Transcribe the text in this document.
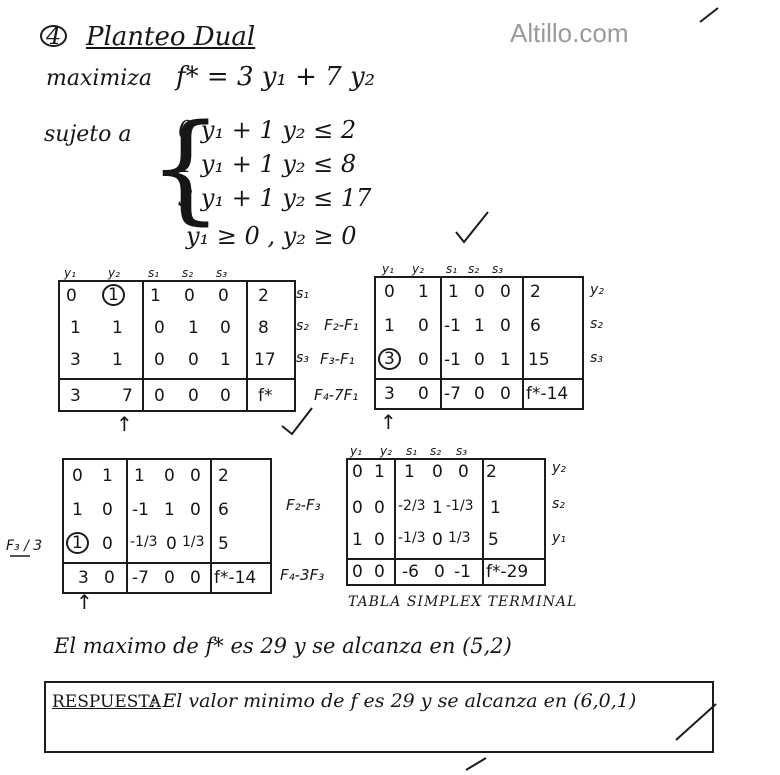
Altillo.com
4 Planteo Dual
maximiza f* = 3 y₁ + 7 y₂
sujeto a {
0 y₁ + 1 y₂ ≤ 2
1 y₁ + 1 y₂ ≤ 8
3 y₁ + 1 y₂ ≤ 17
y₁ ≥ 0 , y₂ ≥ 0
y₁	y₂ s₁ s₂ s₃
0	1	1 0 0 2
1 1 0 1 0 8
3 1 0 0 1 17
3 7 0 0 0 f*
s₁
s₂
s₃
↑
y₁ y₂ s₁ s₂ s₃
F₂-F₁
F₃-F₁
F₄-7F₁
0 1 1 0 0 2
1 0 -1 1 0 6
3	0 -1 0 1 15
3 0 -7 0 0 f*-14
y₂
s₂
s₃
↑
F₃ / 3
0 1 1 0 0 2
1 0 -1 1 0 6
1	0 -1/3 0 1/3 5
3 0 -7 0 0 f*-14
↑
y₁ y₂ s₁ s₂ s₃
F₂-F₃
F₄-3F₃
0 1 1 0 0 2
0 0 -2/3 1 -1/3 1
1 0 -1/3 0 1/3 5
0 0 -6 0 -1 f*-29
y₂
s₂
y₁
TABLA SIMPLEX TERMINAL
El maximo de f* es 29 y se alcanza en (5,2)
RESPUESTA
: El valor minimo de f es 29 y se alcanza en (6,0,1)
